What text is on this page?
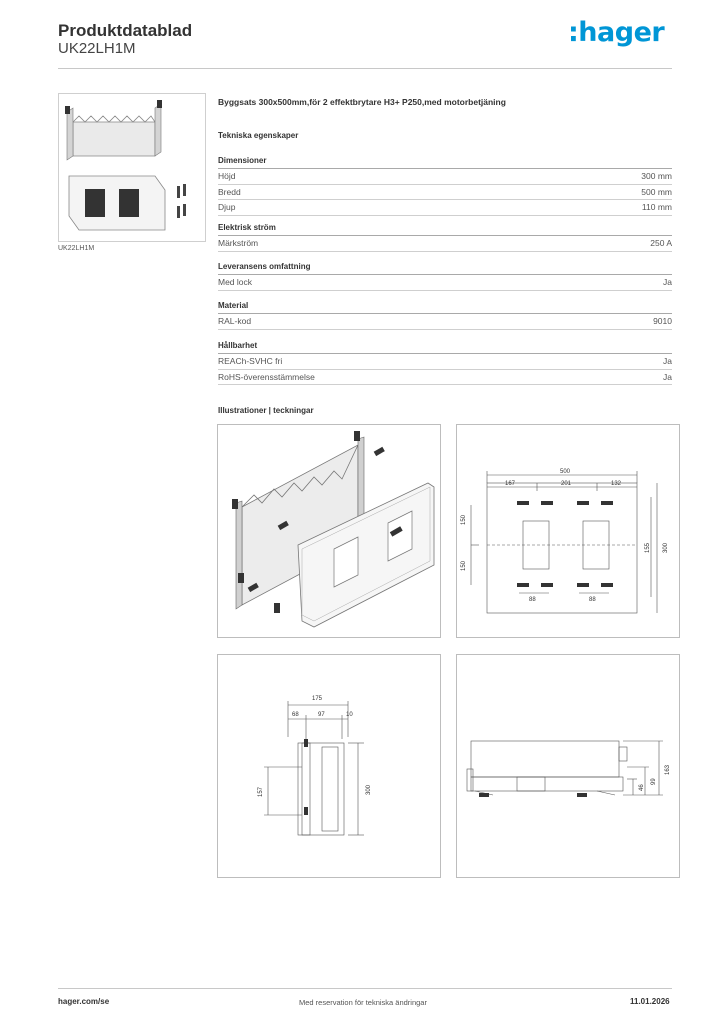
Produktdatablad
UK22LH1M
:hager
UK22LH1M
Byggsats 300x500mm,för 2 effektbrytare H3+ P250,med motorbetjäning
Tekniska egenskaper
Dimensioner
Höjd	300 mm
Bredd	500 mm
Djup	110 mm
Elektrisk ström
Märkström	250 A
Leveransens omfattning
Med lock	Ja
Material
RAL-kod	9010
Hållbarhet
REACh-SVHC fri	Ja
RoHS-överensstämmelse	Ja
Illustrationer | teckningar
500
167	201	132
150
150
155 300
88	88
175
68	97	10
157	300
163
99
46
hager.com/se	Med reservation för tekniska ändringar	11.01.2026
